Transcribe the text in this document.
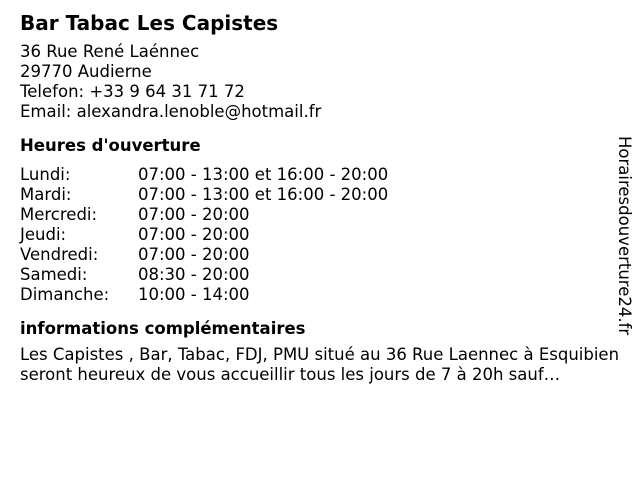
Bar Tabac Les Capistes
36 Rue René Laénnec
29770 Audierne
Telefon: +33 9 64 31 71 72
Email: alexandra.lenoble@hotmail.fr
Heures d'ouverture
Lundi:	07:00 - 13:00 et 16:00 - 20:00
Mardi:	07:00 - 13:00 et 16:00 - 20:00
Mercredi:	07:00 - 20:00
Jeudi:	07:00 - 20:00
Vendredi:	07:00 - 20:00
Samedi:	08:30 - 20:00
Dimanche:	10:00 - 14:00
informations complémentaires
Les Capistes , Bar, Tabac, FDJ, PMU situé au 36 Rue Laennec à Esquibien seront heureux de vous accueillir tous les jours de 7 à 20h sauf…
Horairesdouverture24.fr
